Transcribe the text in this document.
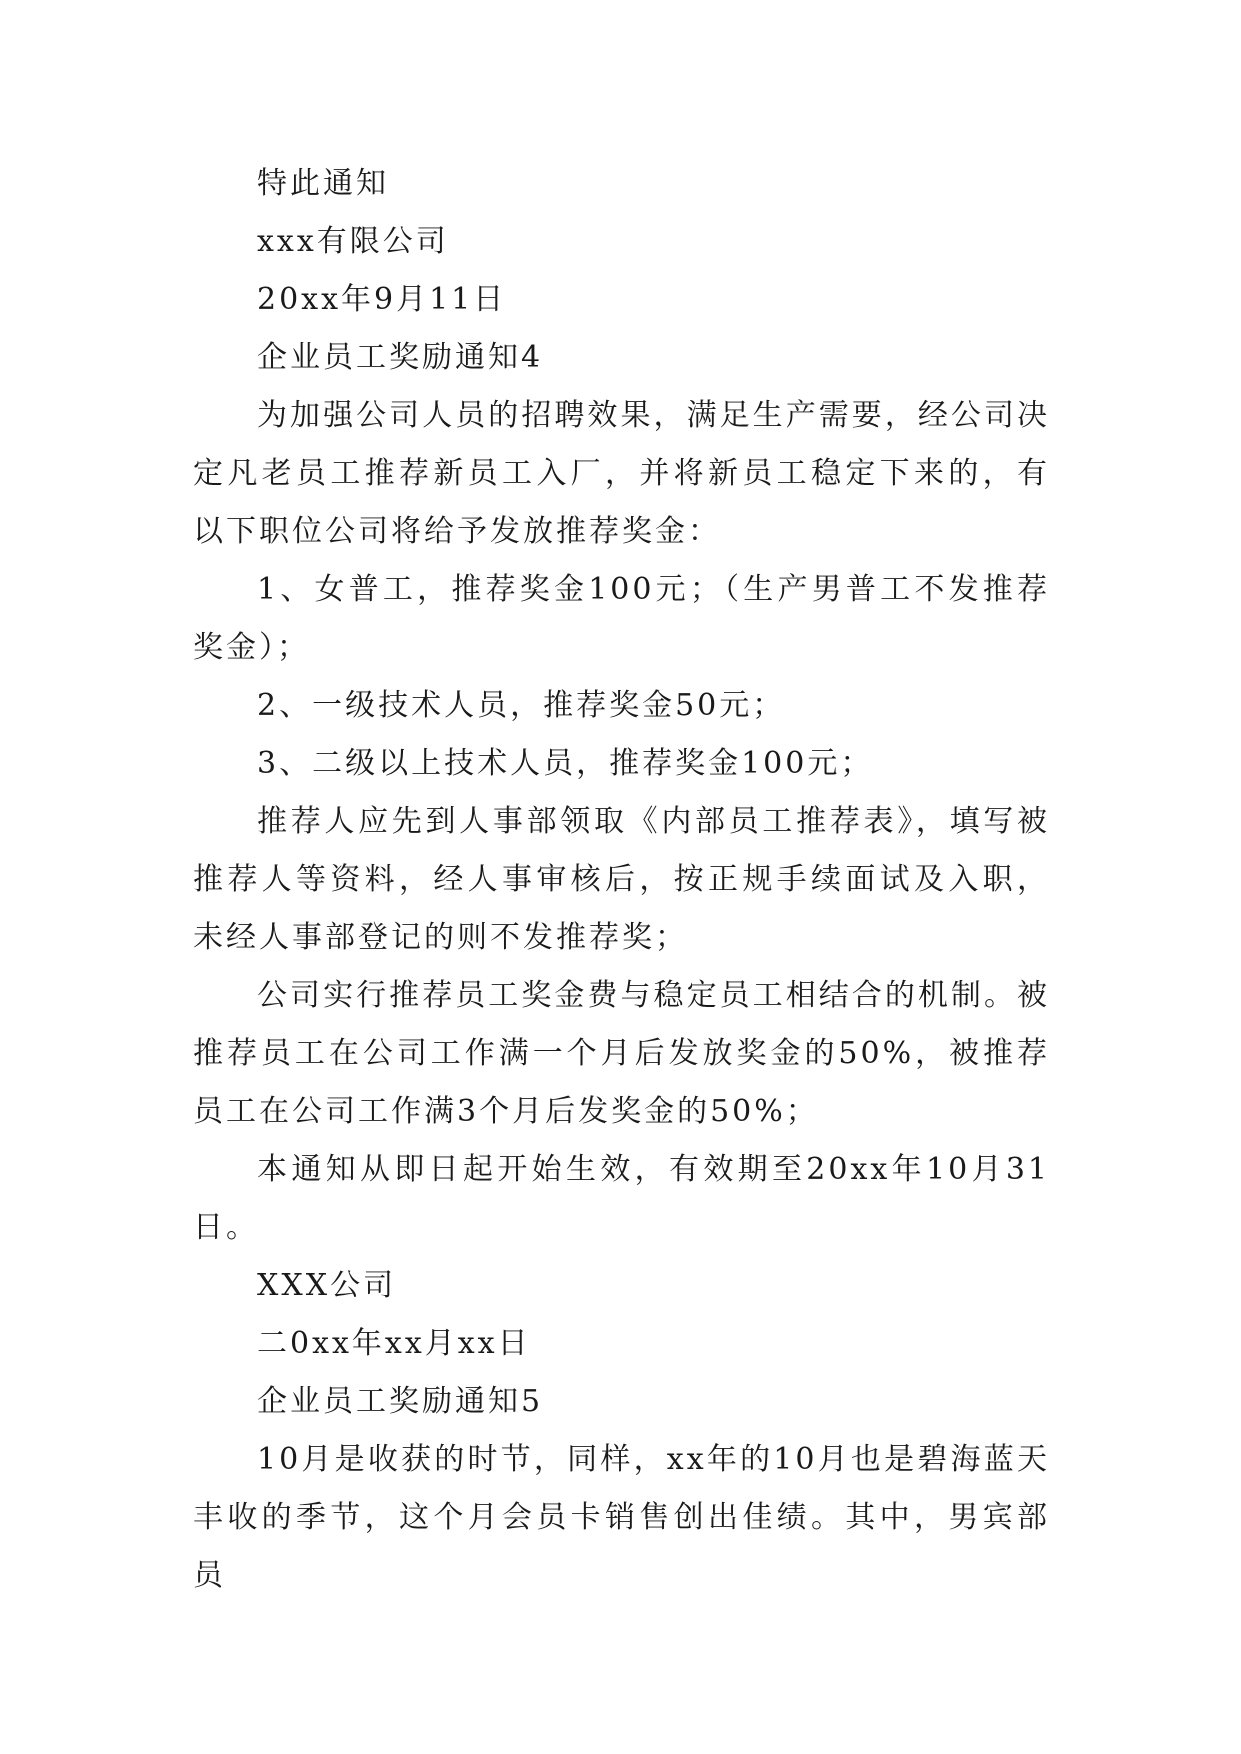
特此通知

xxx有限公司

20xx年9月11日

企业员工奖励通知4

为加强公司人员的招聘效果，满足生产需要，经公司决定凡老员工推荐新员工入厂，并将新员工稳定下来的，有以下职位公司将给予发放推荐奖金：

1、女普工，推荐奖金100元；（生产男普工不发推荐奖金）；

2、一级技术人员，推荐奖金50元；

3、二级以上技术人员，推荐奖金100元；

推荐人应先到人事部领取《内部员工推荐表》，填写被推荐人等资料，经人事审核后，按正规手续面试及入职，未经人事部登记的则不发推荐奖；

公司实行推荐员工奖金费与稳定员工相结合的机制。被推荐员工在公司工作满一个月后发放奖金的50%，被推荐员工在公司工作满3个月后发奖金的50%；

本通知从即日起开始生效，有效期至20xx年10月31日。

XXX公司

二0xx年xx月xx日

企业员工奖励通知5

10月是收获的时节，同样，xx年的10月也是碧海蓝天丰收的季节，这个月会员卡销售创出佳绩。其中，男宾部员
